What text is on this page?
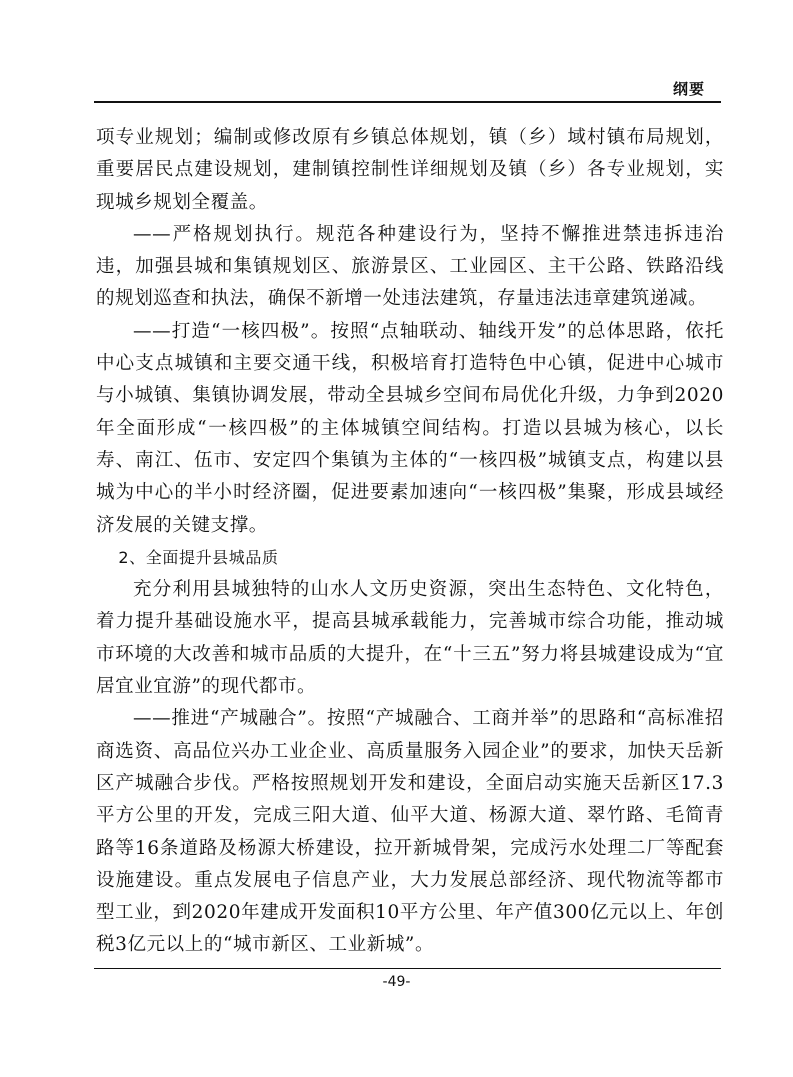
纲要

项专业规划；编制或修改原有乡镇总体规划，镇（乡）域村镇布局规划，重要居民点建设规划，建制镇控制性详细规划及镇（乡）各专业规划，实现城乡规划全覆盖。

——严格规划执行。规范各种建设行为，坚持不懈推进禁违拆违治违，加强县城和集镇规划区、旅游景区、工业园区、主干公路、铁路沿线的规划巡查和执法，确保不新增一处违法建筑，存量违法违章建筑递减。

——打造“一核四极”。按照“点轴联动、轴线开发”的总体思路，依托中心支点城镇和主要交通干线，积极培育打造特色中心镇，促进中心城市与小城镇、集镇协调发展，带动全县城乡空间布局优化升级，力争到2020年全面形成“一核四极”的主体城镇空间结构。打造以县城为核心，以长寿、南江、伍市、安定四个集镇为主体的“一核四极”城镇支点，构建以县城为中心的半小时经济圈，促进要素加速向“一核四极”集聚，形成县域经济发展的关键支撑。

2、全面提升县城品质

充分利用县城独特的山水人文历史资源，突出生态特色、文化特色，着力提升基础设施水平，提高县城承载能力，完善城市综合功能，推动城市环境的大改善和城市品质的大提升，在“十三五”努力将县城建设成为“宜居宜业宜游”的现代都市。

——推进“产城融合”。按照“产城融合、工商并举”的思路和“高标准招商选资、高品位兴办工业企业、高质量服务入园企业”的要求，加快天岳新区产城融合步伐。严格按照规划开发和建设，全面启动实施天岳新区17.3平方公里的开发，完成三阳大道、仙平大道、杨源大道、翠竹路、毛简青路等16条道路及杨源大桥建设，拉开新城骨架，完成污水处理二厂等配套设施建设。重点发展电子信息产业，大力发展总部经济、现代物流等都市型工业，到2020年建成开发面积10平方公里、年产值300亿元以上、年创税3亿元以上的“城市新区、工业新城”。

-49-
